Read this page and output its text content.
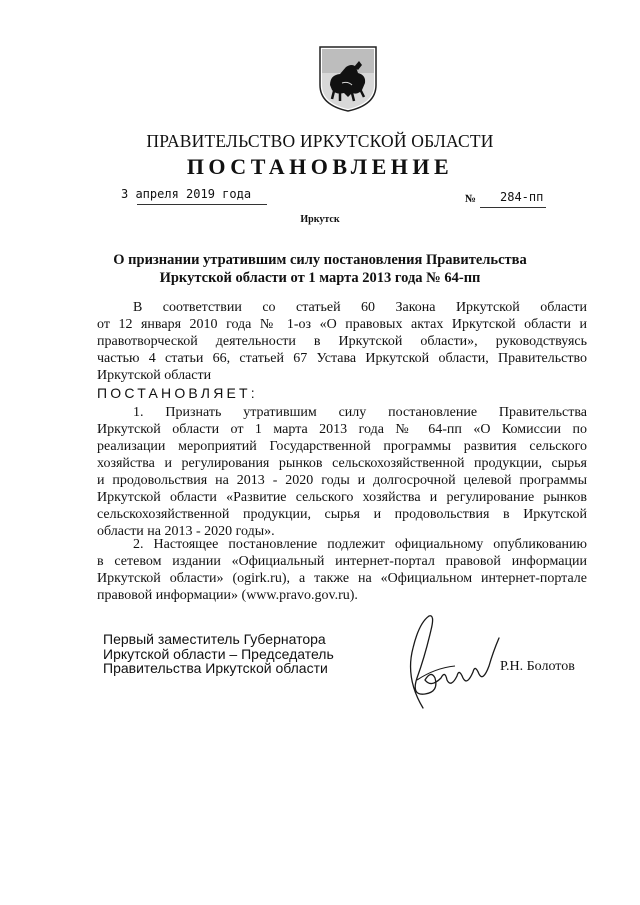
ПРАВИТЕЛЬСТВО ИРКУТСКОЙ ОБЛАСТИ
ПОСТАНОВЛЕНИЕ
3 апреля 2019 года	№ 284-пп
Иркутск
О признании утратившим силу постановления Правительства
Иркутской области от 1 марта 2013 года № 64-пп
В соответствии со статьей 60 Закона Иркутской области
от 12 января 2010 года № 1-оз «О правовых актах Иркутской области и
правотворческой деятельности в Иркутской области», руководствуясь
частью 4 статьи 66, статьей 67 Устава Иркутской области, Правительство
Иркутской области
ПОСТАНОВЛЯЕТ:
1. Признать утратившим силу постановление Правительства
Иркутской области от 1 марта 2013 года № 64-пп «О Комиссии по
реализации мероприятий Государственной программы развития сельского
хозяйства и регулирования рынков сельскохозяйственной продукции, сырья
и продовольствия на 2013 - 2020 годы и долгосрочной целевой программы
Иркутской области «Развитие сельского хозяйства и регулирование рынков
сельскохозяйственной продукции, сырья и продовольствия в Иркутской
области на 2013 - 2020 годы».
2. Настоящее постановление подлежит официальному опубликованию
в сетевом издании «Официальный интернет-портал правовой информации
Иркутской области» (ogirk.ru), а также на «Официальном интернет-портале
правовой информации» (www.pravo.gov.ru).
Первый заместитель Губернатора
Иркутской области – Председатель
Правительства Иркутской области	Р.Н. Болотов
